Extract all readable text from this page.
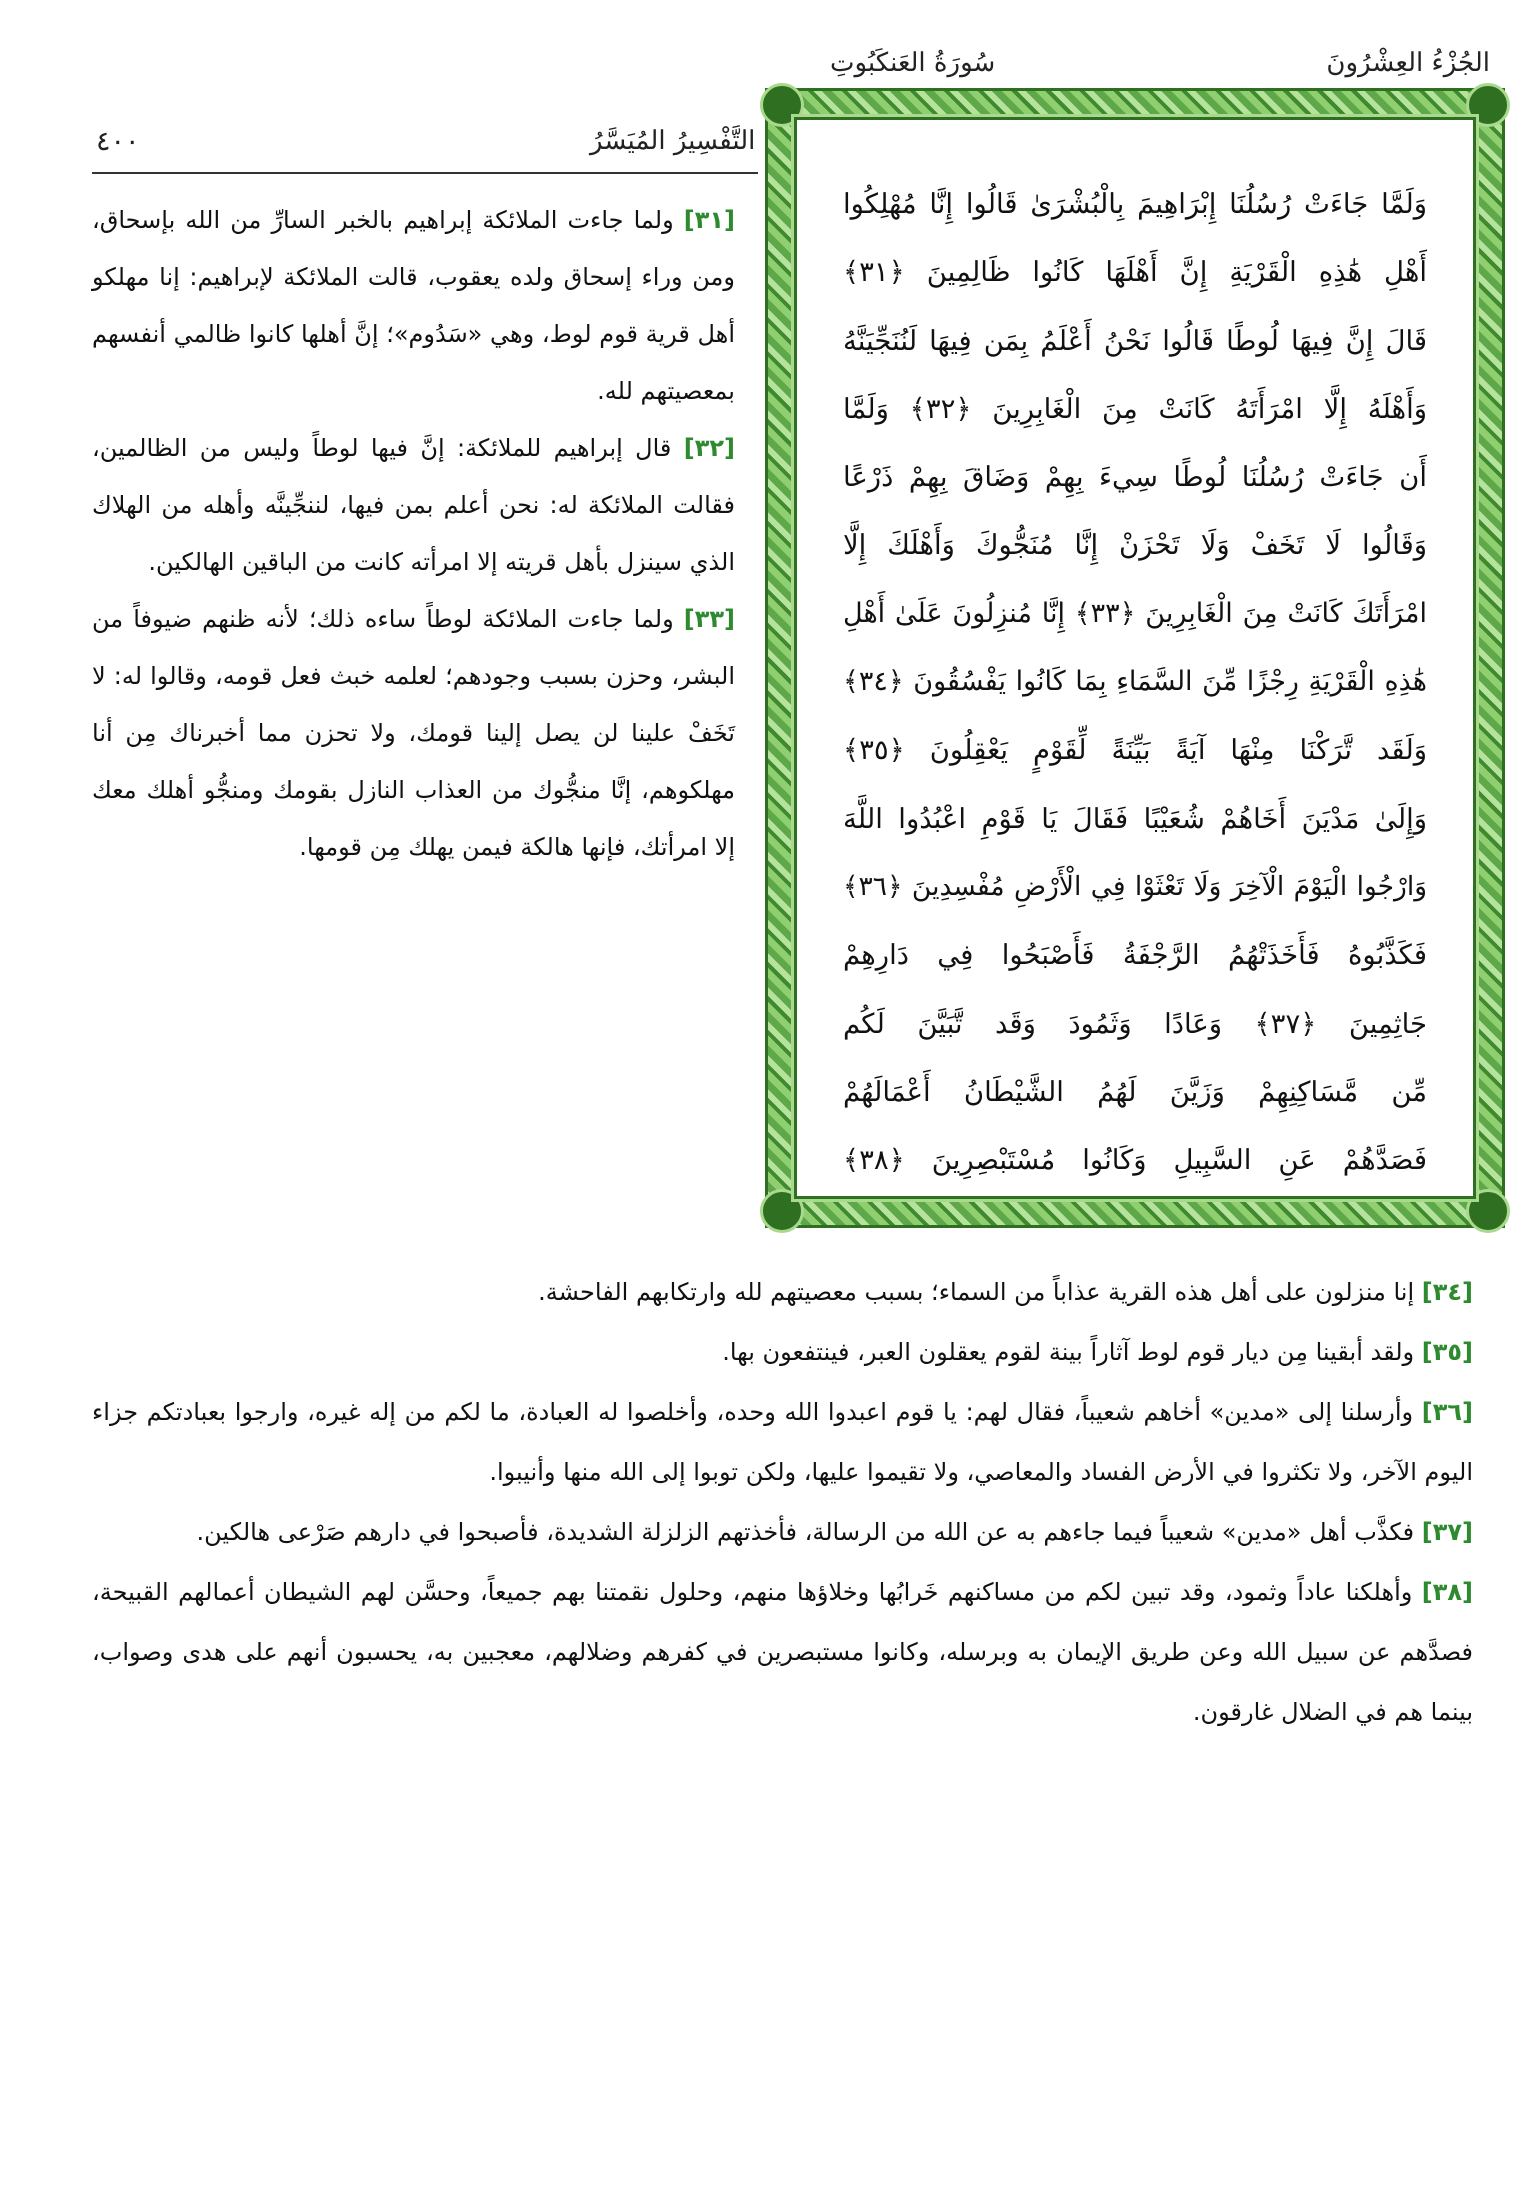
الجُزْءُ العِشْرُونَ
سُورَةُ العَنكَبُوتِ
التَّفْسِيرُ المُيَسَّرُ
٤٠٠
وَلَمَّا جَاءَتْ رُسُلُنَا إِبْرَاهِيمَ بِالْبُشْرَىٰ قَالُوا إِنَّا مُهْلِكُوا
أَهْلِ هَٰذِهِ الْقَرْيَةِ إِنَّ أَهْلَهَا كَانُوا ظَالِمِينَ ﴿٣١﴾
قَالَ إِنَّ فِيهَا لُوطًا قَالُوا نَحْنُ أَعْلَمُ بِمَن فِيهَا لَنُنَجِّيَنَّهُ
وَأَهْلَهُ إِلَّا امْرَأَتَهُ كَانَتْ مِنَ الْغَابِرِينَ ﴿٣٢﴾ وَلَمَّا
أَن جَاءَتْ رُسُلُنَا لُوطًا سِيءَ بِهِمْ وَضَاقَ بِهِمْ ذَرْعًا
وَقَالُوا لَا تَخَفْ وَلَا تَحْزَنْ إِنَّا مُنَجُّوكَ وَأَهْلَكَ إِلَّا
امْرَأَتَكَ كَانَتْ مِنَ الْغَابِرِينَ ﴿٣٣﴾ إِنَّا مُنزِلُونَ عَلَىٰ أَهْلِ
هَٰذِهِ الْقَرْيَةِ رِجْزًا مِّنَ السَّمَاءِ بِمَا كَانُوا يَفْسُقُونَ ﴿٣٤﴾
وَلَقَد تَّرَكْنَا مِنْهَا آيَةً بَيِّنَةً لِّقَوْمٍ يَعْقِلُونَ ﴿٣٥﴾
وَإِلَىٰ مَدْيَنَ أَخَاهُمْ شُعَيْبًا فَقَالَ يَا قَوْمِ اعْبُدُوا اللَّهَ
وَارْجُوا الْيَوْمَ الْآخِرَ وَلَا تَعْثَوْا فِي الْأَرْضِ مُفْسِدِينَ ﴿٣٦﴾
فَكَذَّبُوهُ فَأَخَذَتْهُمُ الرَّجْفَةُ فَأَصْبَحُوا فِي دَارِهِمْ
جَاثِمِينَ ﴿٣٧﴾ وَعَادًا وَثَمُودَ وَقَد تَّبَيَّنَ لَكُم
مِّن مَّسَاكِنِهِمْ وَزَيَّنَ لَهُمُ الشَّيْطَانُ أَعْمَالَهُمْ
فَصَدَّهُمْ عَنِ السَّبِيلِ وَكَانُوا مُسْتَبْصِرِينَ ﴿٣٨﴾
[٣١] ولما جاءت الملائكة إبراهيم بالخبر السارِّ من الله بإسحاق، ومن وراء إسحاق ولده يعقوب، قالت الملائكة لإبراهيم: إنا مهلكو أهل قرية قوم لوط، وهي «سَدُوم»؛ إنَّ أهلها كانوا ظالمي أنفسهم بمعصيتهم لله.
[٣٢] قال إبراهيم للملائكة: إنَّ فيها لوطاً وليس من الظالمين، فقالت الملائكة له: نحن أعلم بمن فيها، لننجِّينَّه وأهله من الهلاك الذي سينزل بأهل قريته إلا امرأته كانت من الباقين الهالكين.
[٣٣] ولما جاءت الملائكة لوطاً ساءه ذلك؛ لأنه ظنهم ضيوفاً من البشر، وحزن بسبب وجودهم؛ لعلمه خبث فعل قومه، وقالوا له: لا تَخَفْ علينا لن يصل إلينا قومك، ولا تحزن مما أخبرناك مِن أنا مهلكوهم، إنَّا منجُّوك من العذاب النازل بقومك ومنجُّو أهلك معك إلا امرأتك، فإنها هالكة فيمن يهلك مِن قومها.
[٣٤] إنا منزلون على أهل هذه القرية عذاباً من السماء؛ بسبب معصيتهم لله وارتكابهم الفاحشة.
[٣٥] ولقد أبقينا مِن ديار قوم لوط آثاراً بينة لقوم يعقلون العبر، فينتفعون بها.
[٣٦] وأرسلنا إلى «مدين» أخاهم شعيباً، فقال لهم: يا قوم اعبدوا الله وحده، وأخلصوا له العبادة، ما لكم من إله غيره، وارجوا بعبادتكم جزاء اليوم الآخر، ولا تكثروا في الأرض الفساد والمعاصي، ولا تقيموا عليها، ولكن توبوا إلى الله منها وأنيبوا.
[٣٧] فكذَّب أهل «مدين» شعيباً فيما جاءهم به عن الله من الرسالة، فأخذتهم الزلزلة الشديدة، فأصبحوا في دارهم صَرْعى هالكين.
[٣٨] وأهلكنا عاداً وثمود، وقد تبين لكم من مساكنهم خَرابُها وخلاؤها منهم، وحلول نقمتنا بهم جميعاً، وحسَّن لهم الشيطان أعمالهم القبيحة، فصدَّهم عن سبيل الله وعن طريق الإيمان به وبرسله، وكانوا مستبصرين في كفرهم وضلالهم، معجبين به، يحسبون أنهم على هدى وصواب، بينما هم في الضلال غارقون.
